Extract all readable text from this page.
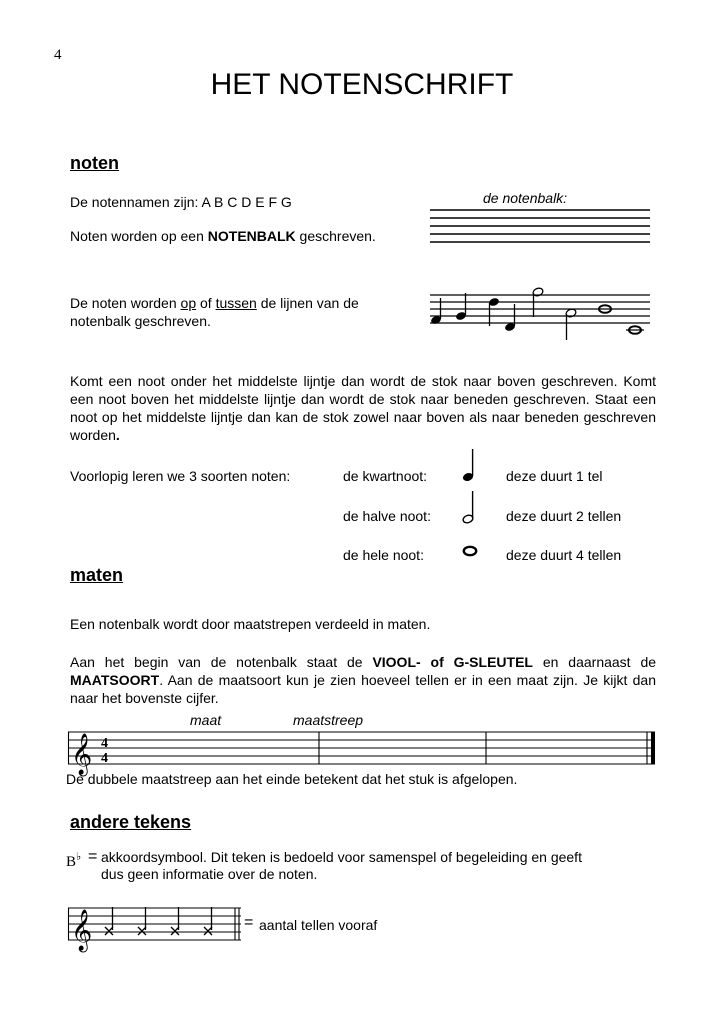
4
HET NOTENSCHRIFT
noten
De notennamen zijn: A B C D E F G	de notenbalk:
Noten worden op een NOTENBALK geschreven.
De noten worden op of tussen de lijnen van de notenbalk geschreven.
Komt een noot onder het middelste lijntje dan wordt de stok naar boven geschreven. Komt een noot boven het middelste lijntje dan wordt de stok naar beneden geschreven. Staat een noot op het middelste lijntje dan kan de stok zowel naar boven als naar beneden geschreven worden.
Voorlopig leren we 3 soorten noten:	de kwartnoot:	deze duurt 1 tel
de halve noot:	deze duurt 2 tellen
de hele noot:	deze duurt 4 tellen
maten
Een notenbalk wordt door maatstrepen verdeeld in maten.
Aan het begin van de notenbalk staat de VIOOL- of G-SLEUTEL en daarnaast de MAATSOORT. Aan de maatsoort kun je zien hoeveel tellen er in een maat zijn. Je kijkt dan naar het bovenste cijfer.
maat	maatstreep
𝄞 4
4
De dubbele maatstreep aan het einde betekent dat het stuk is afgelopen.
andere tekens
B♭ = akkoordsymbool. Dit teken is bedoeld voor samenspel of begeleiding en geeft
dus geen informatie over de noten.
𝄞	= aantal tellen vooraf
